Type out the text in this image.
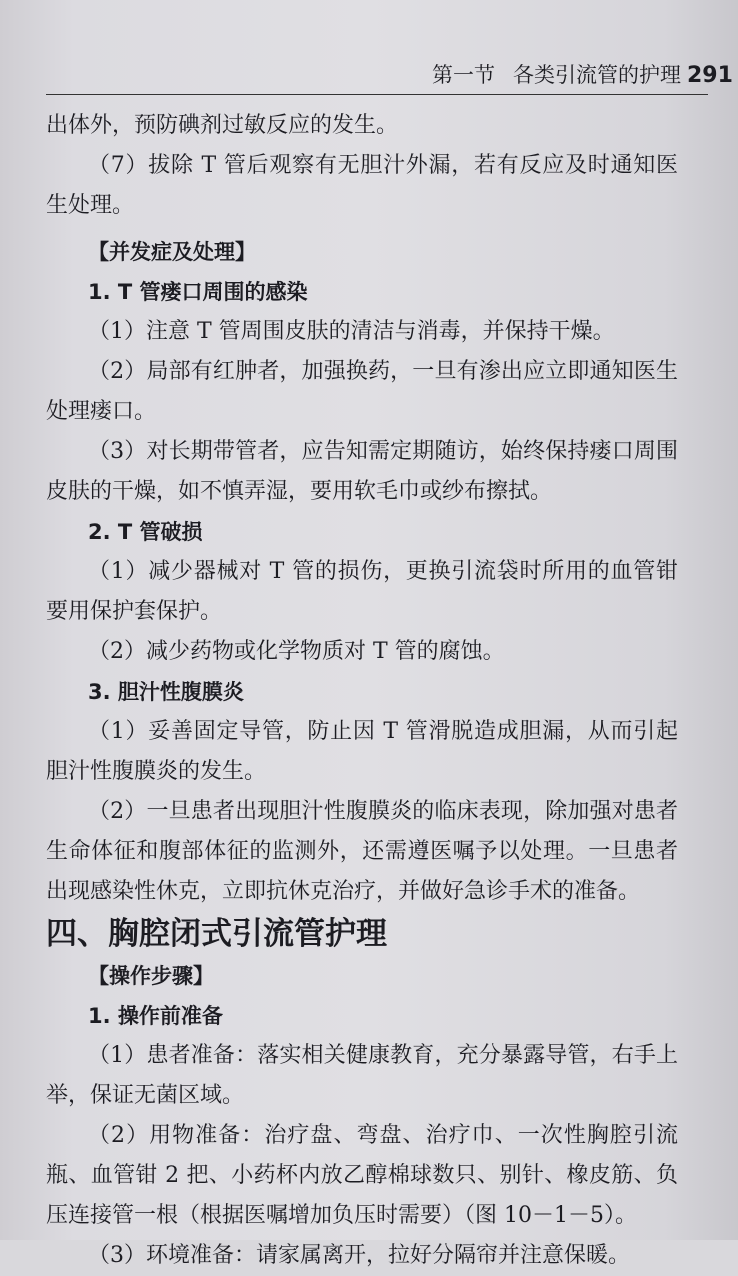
第一节 各类引流管的护理 291

出体外，预防碘剂过敏反应的发生。

（7）拔除 T 管后观察有无胆汁外漏，若有反应及时通知医生处理。

【并发症及处理】

1. T 管瘘口周围的感染

（1）注意 T 管周围皮肤的清洁与消毒，并保持干燥。

（2）局部有红肿者，加强换药，一旦有渗出应立即通知医生处理瘘口。

（3）对长期带管者，应告知需定期随访，始终保持瘘口周围皮肤的干燥，如不慎弄湿，要用软毛巾或纱布擦拭。

2. T 管破损

（1）减少器械对 T 管的损伤，更换引流袋时所用的血管钳要用保护套保护。

（2）减少药物或化学物质对 T 管的腐蚀。

3. 胆汁性腹膜炎

（1）妥善固定导管，防止因 T 管滑脱造成胆漏，从而引起胆汁性腹膜炎的发生。

（2）一旦患者出现胆汁性腹膜炎的临床表现，除加强对患者生命体征和腹部体征的监测外，还需遵医嘱予以处理。一旦患者出现感染性休克，立即抗休克治疗，并做好急诊手术的准备。

四、胸腔闭式引流管护理

【操作步骤】

1. 操作前准备

（1）患者准备：落实相关健康教育，充分暴露导管，右手上举，保证无菌区域。

（2）用物准备：治疗盘、弯盘、治疗巾、一次性胸腔引流瓶、血管钳 2 把、小药杯内放乙醇棉球数只、别针、橡皮筋、负压连接管一根（根据医嘱增加负压时需要）（图 10－1－5）。

（3）环境准备：请家属离开，拉好分隔帘并注意保暖。
